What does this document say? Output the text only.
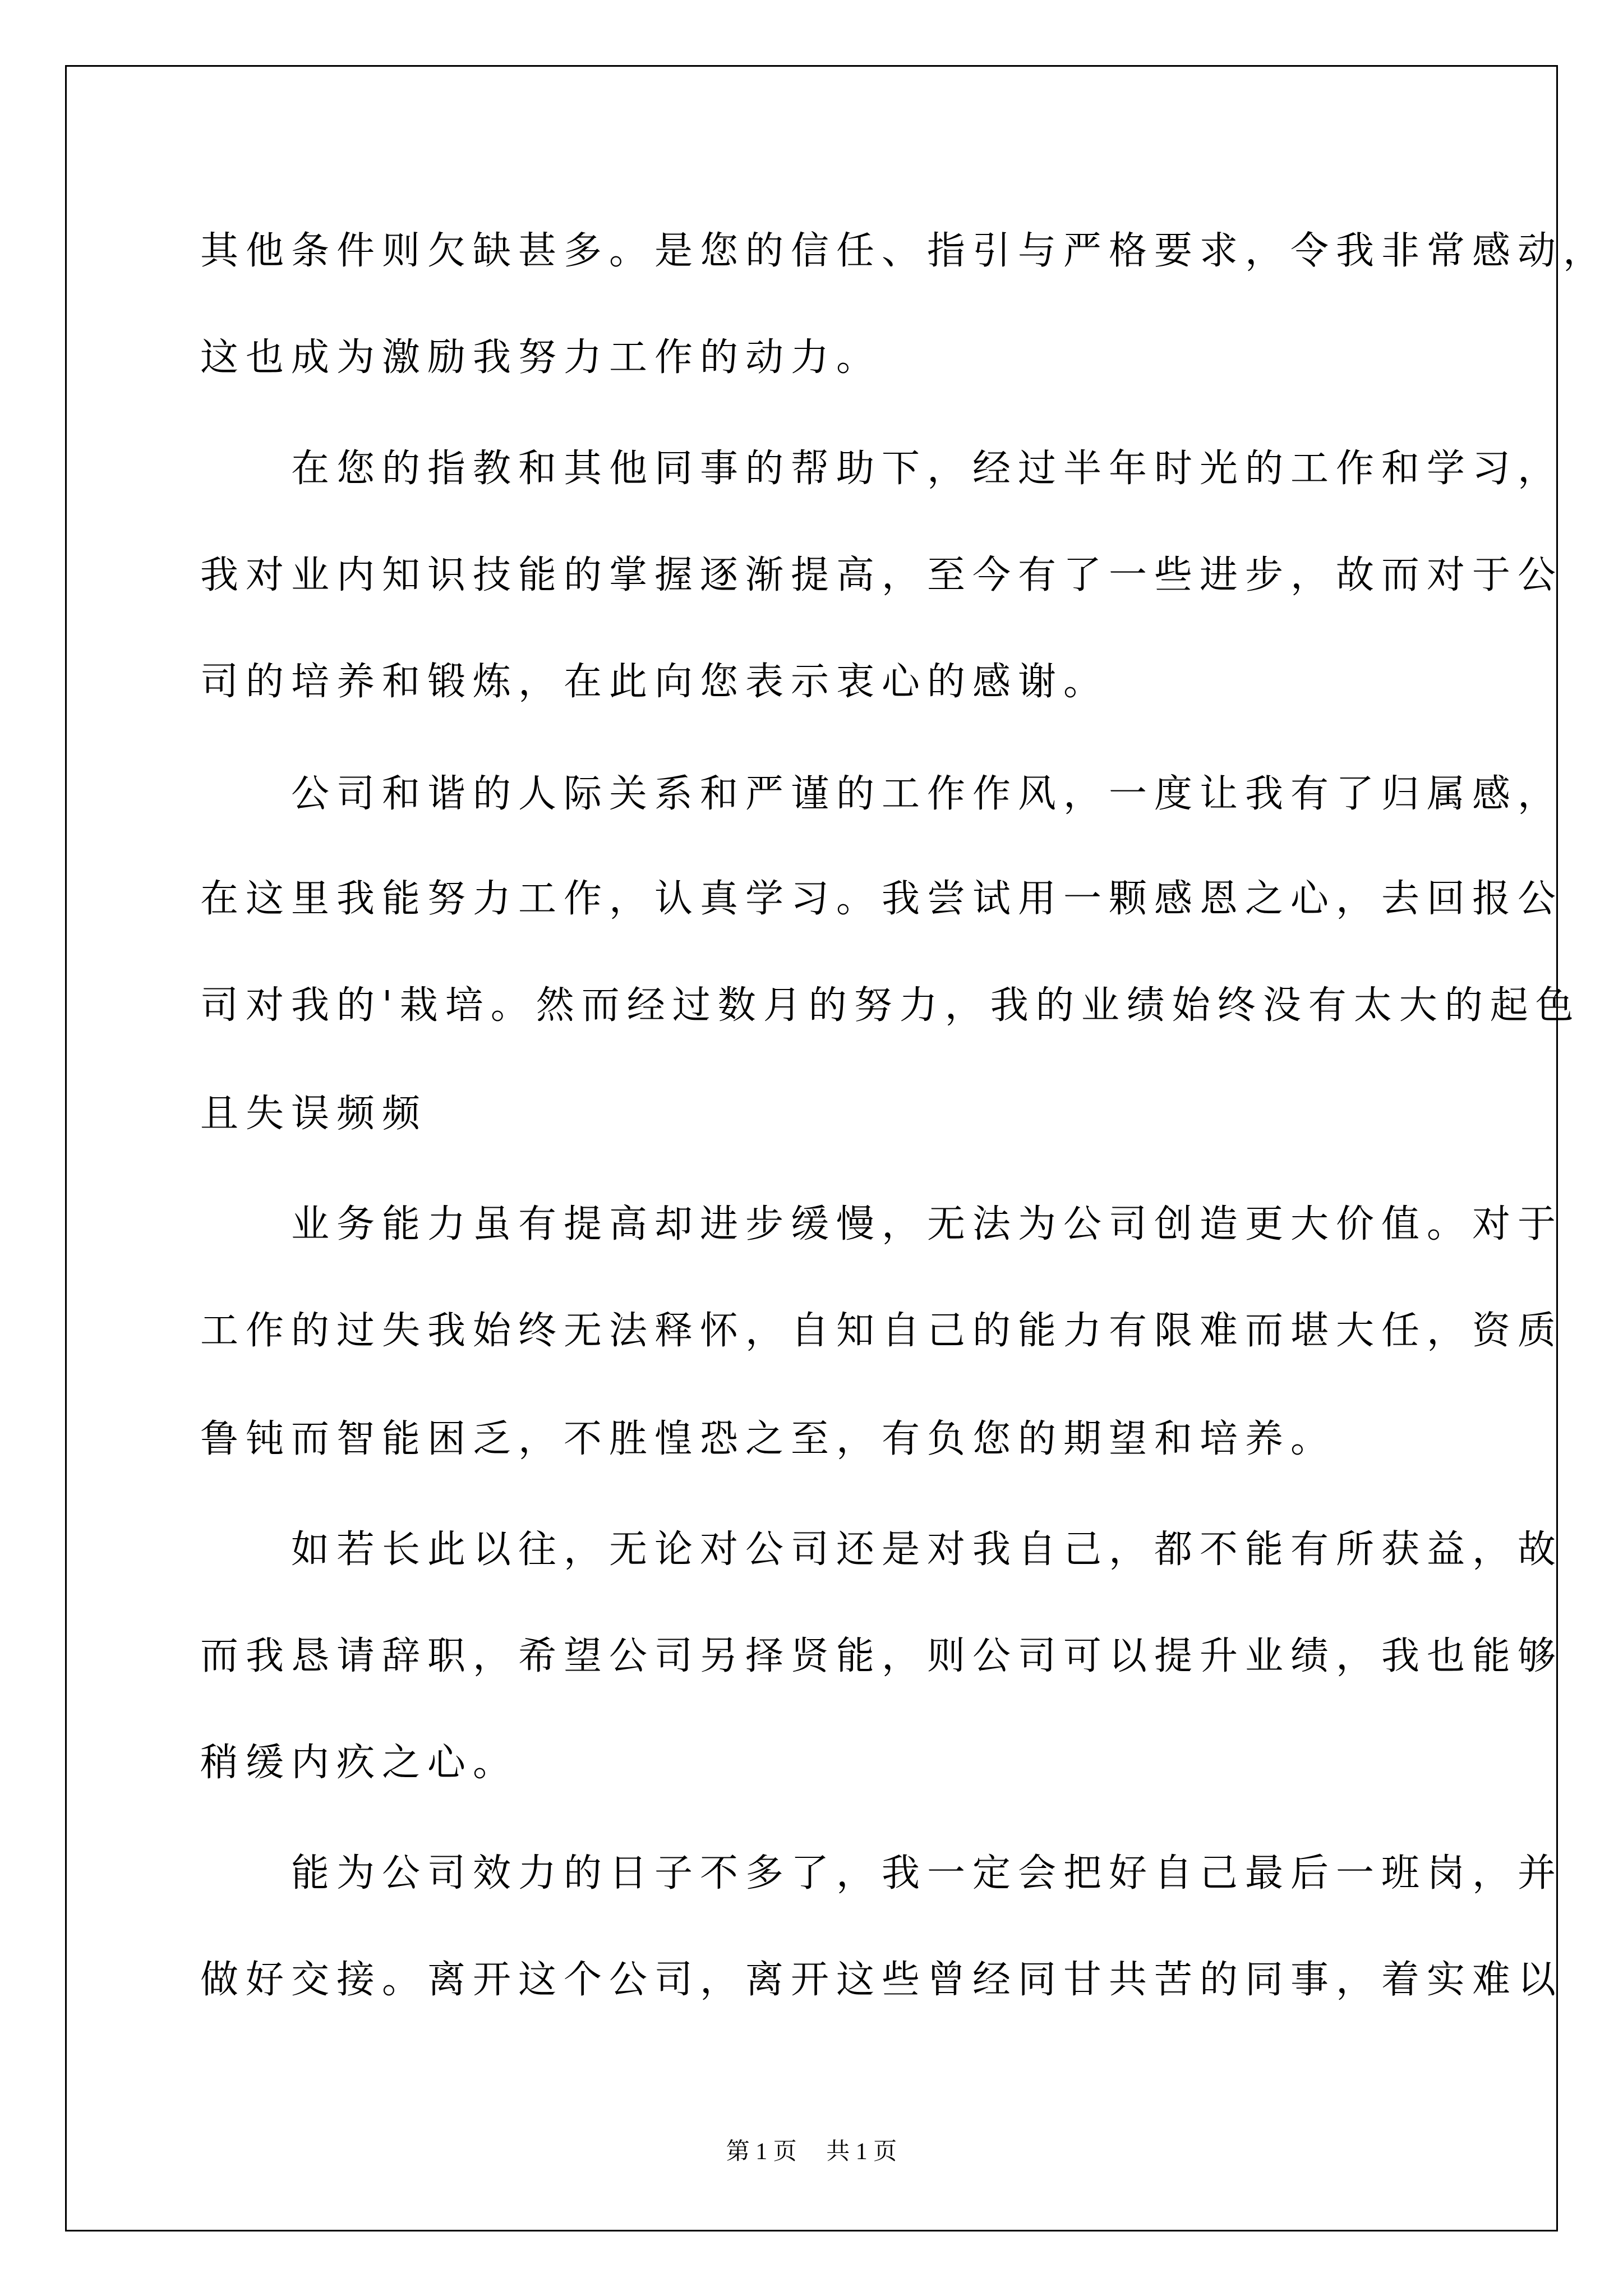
其他条件则欠缺甚多。是您的信任、指引与严格要求，令我非常感动，
这也成为激励我努力工作的动力。
　　在您的指教和其他同事的帮助下，经过半年时光的工作和学习，
我对业内知识技能的掌握逐渐提高，至今有了一些进步，故而对于公
司的培养和锻炼，在此向您表示衷心的感谢。
　　公司和谐的人际关系和严谨的工作作风，一度让我有了归属感，
在这里我能努力工作，认真学习。我尝试用一颗感恩之心，去回报公
司对我的'栽培。然而经过数月的努力，我的业绩始终没有太大的起色
且失误频频
　　业务能力虽有提高却进步缓慢，无法为公司创造更大价值。对于
工作的过失我始终无法释怀，自知自己的能力有限难而堪大任，资质
鲁钝而智能困乏，不胜惶恐之至，有负您的期望和培养。
　　如若长此以往，无论对公司还是对我自己，都不能有所获益，故
而我恳请辞职，希望公司另择贤能，则公司可以提升业绩，我也能够
稍缓内疚之心。
　　能为公司效力的日子不多了，我一定会把好自己最后一班岗，并
做好交接。离开这个公司，离开这些曾经同甘共苦的同事，着实难以
第 1 页　 共 1 页
